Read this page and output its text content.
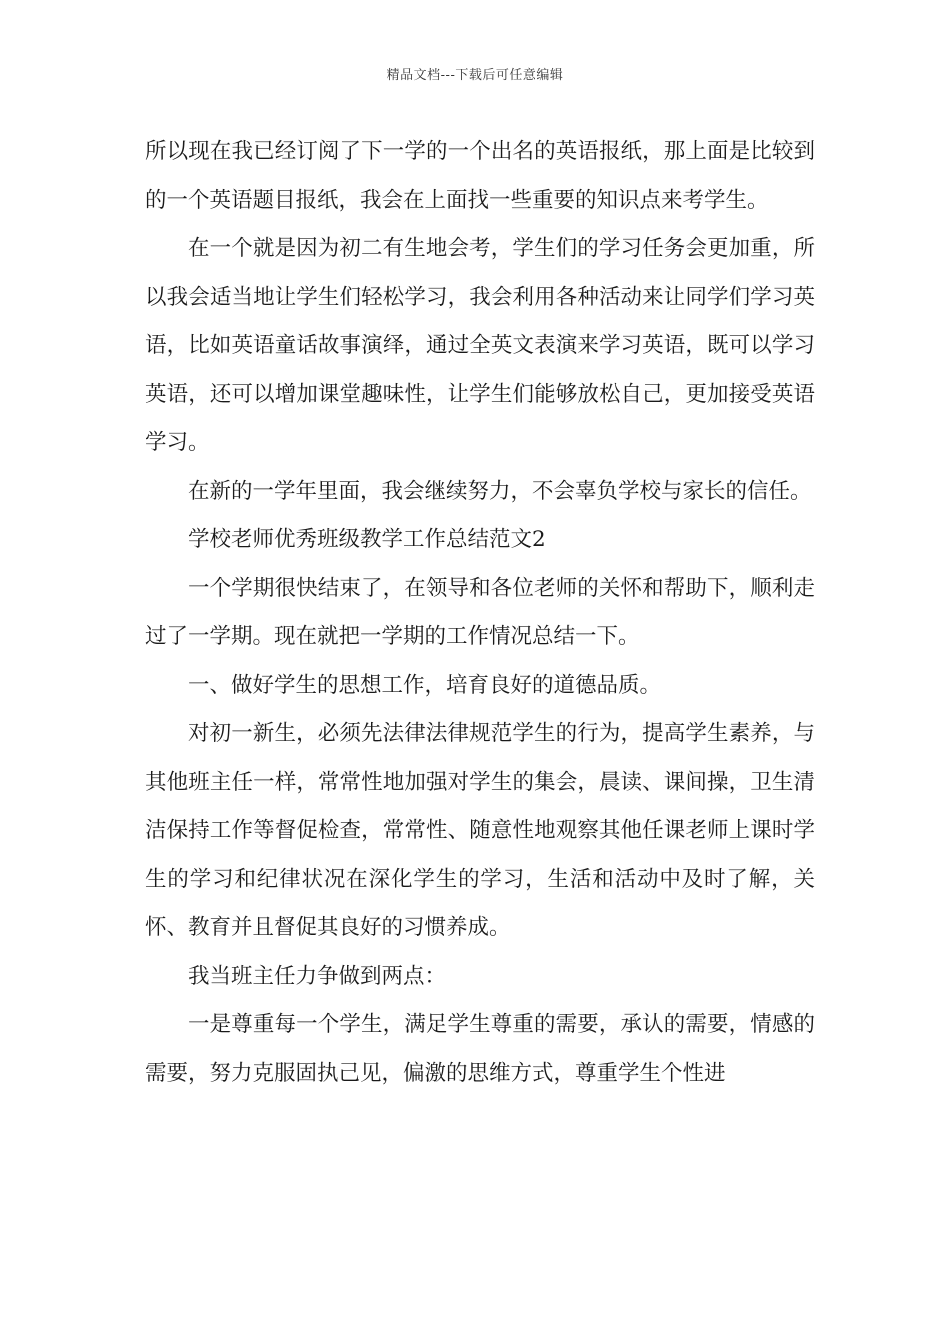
精品文档---下载后可任意编辑

所以现在我已经订阅了下一学的一个出名的英语报纸，那上面是比较到的一个英语题目报纸，我会在上面找一些重要的知识点来考学生。

在一个就是因为初二有生地会考，学生们的学习任务会更加重，所以我会适当地让学生们轻松学习，我会利用各种活动来让同学们学习英语，比如英语童话故事演绎，通过全英文表演来学习英语，既可以学习英语，还可以增加课堂趣味性，让学生们能够放松自己，更加接受英语学习。

在新的一学年里面，我会继续努力，不会辜负学校与家长的信任。

学校老师优秀班级教学工作总结范文2

一个学期很快结束了，在领导和各位老师的关怀和帮助下，顺利走过了一学期。现在就把一学期的工作情况总结一下。

一、做好学生的思想工作，培育良好的道德品质。

对初一新生，必须先法律法律规范学生的行为，提高学生素养，与其他班主任一样，常常性地加强对学生的集会，晨读、课间操，卫生清洁保持工作等督促检查，常常性、随意性地观察其他任课老师上课时学生的学习和纪律状况在深化学生的学习，生活和活动中及时了解，关怀、教育并且督促其良好的习惯养成。

我当班主任力争做到两点：

一是尊重每一个学生，满足学生尊重的需要，承认的需要，情感的需要，努力克服固执己见，偏激的思维方式，尊重学生个性进
